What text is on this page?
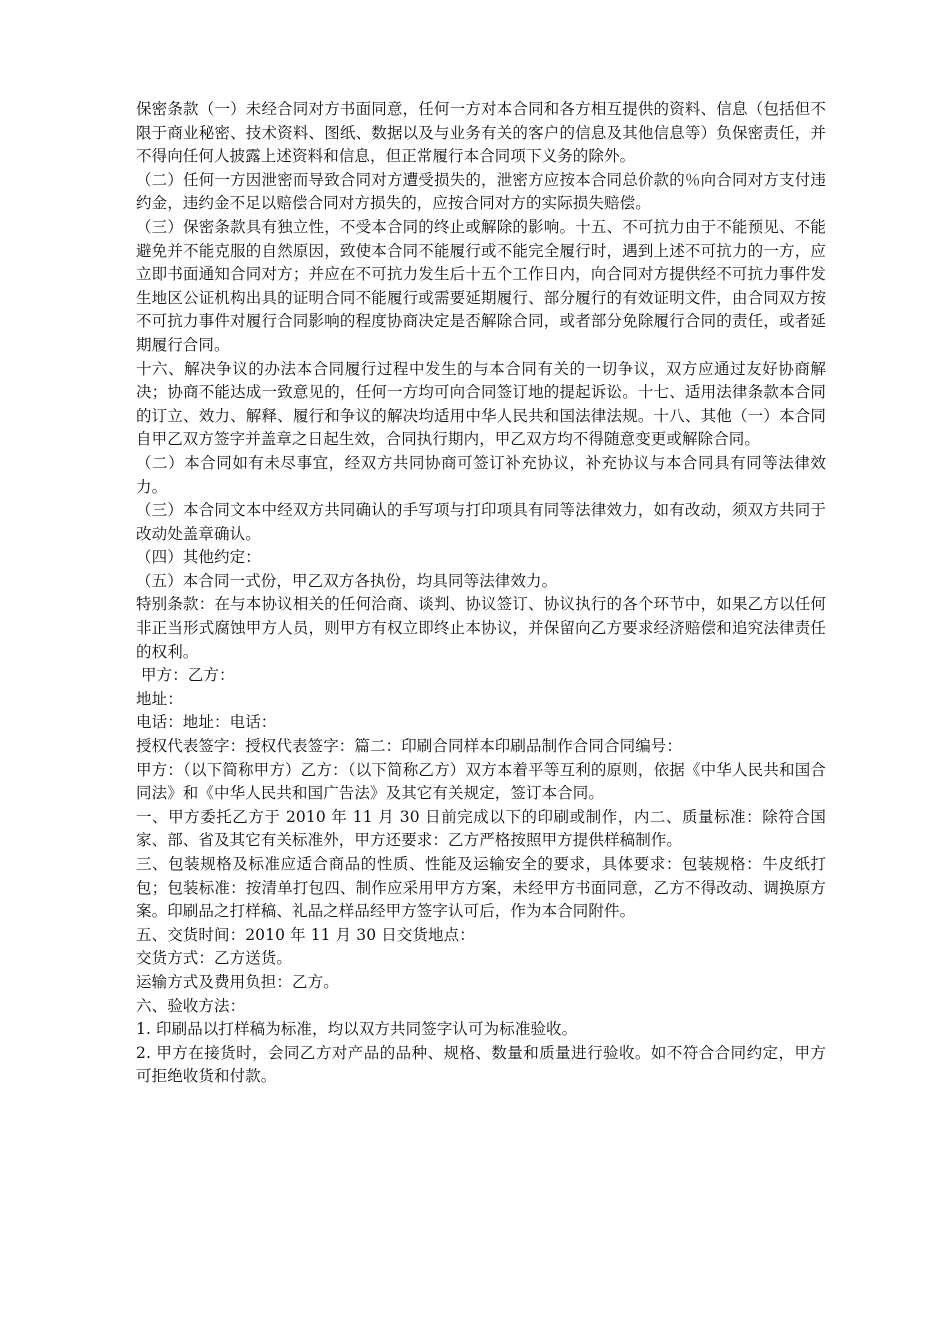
保密条款（一）未经合同对方书面同意，任何一方对本合同和各方相互提供的资料、信息（包括但不限于商业秘密、技术资料、图纸、数据以及与业务有关的客户的信息及其他信息等）负保密责任，并不得向任何人披露上述资料和信息，但正常履行本合同项下义务的除外。

（二）任何一方因泄密而导致合同对方遭受损失的，泄密方应按本合同总价款的％向合同对方支付违约金，违约金不足以赔偿合同对方损失的，应按合同对方的实际损失赔偿。

（三）保密条款具有独立性，不受本合同的终止或解除的影响。十五、不可抗力由于不能预见、不能避免并不能克服的自然原因，致使本合同不能履行或不能完全履行时，遇到上述不可抗力的一方，应立即书面通知合同对方；并应在不可抗力发生后十五个工作日内，向合同对方提供经不可抗力事件发生地区公证机构出具的证明合同不能履行或需要延期履行、部分履行的有效证明文件，由合同双方按不可抗力事件对履行合同影响的程度协商决定是否解除合同，或者部分免除履行合同的责任，或者延期履行合同。

十六、解决争议的办法本合同履行过程中发生的与本合同有关的一切争议，双方应通过友好协商解决；协商不能达成一致意见的，任何一方均可向合同签订地的提起诉讼。十七、适用法律条款本合同的订立、效力、解释、履行和争议的解决均适用中华人民共和国法律法规。十八、其他（一）本合同自甲乙双方签字并盖章之日起生效，合同执行期内，甲乙双方均不得随意变更或解除合同。

（二）本合同如有未尽事宜，经双方共同协商可签订补充协议，补充协议与本合同具有同等法律效力。

（三）本合同文本中经双方共同确认的手写项与打印项具有同等法律效力，如有改动，须双方共同于改动处盖章确认。

（四）其他约定：

（五）本合同一式份，甲乙双方各执份，均具同等法律效力。

特别条款：在与本协议相关的任何洽商、谈判、协议签订、协议执行的各个环节中，如果乙方以任何非正当形式腐蚀甲方人员，则甲方有权立即终止本协议，并保留向乙方要求经济赔偿和追究法律责任的权利。

甲方：乙方：

地址：

电话：地址：电话：

授权代表签字：授权代表签字：篇二：印刷合同样本印刷品制作合同合同编号：

甲方：（以下简称甲方）乙方：（以下简称乙方）双方本着平等互利的原则，依据《中华人民共和国合同法》和《中华人民共和国广告法》及其它有关规定，签订本合同。

一、甲方委托乙方于 2010 年 11 月 30 日前完成以下的印刷或制作，内二、质量标准：除符合国家、部、省及其它有关标准外，甲方还要求：乙方严格按照甲方提供样稿制作。

三、包装规格及标准应适合商品的性质、性能及运输安全的要求，具体要求：包装规格：牛皮纸打包；包装标准：按清单打包四、制作应采用甲方方案，未经甲方书面同意，乙方不得改动、调换原方案。印刷品之打样稿、礼品之样品经甲方签字认可后，作为本合同附件。

五、交货时间：2010 年 11 月 30 日交货地点：

交货方式：乙方送货。

运输方式及费用负担：乙方。

六、验收方法：

1. 印刷品以打样稿为标准，均以双方共同签字认可为标准验收。

2. 甲方在接货时，会同乙方对产品的品种、规格、数量和质量进行验收。如不符合合同约定，甲方可拒绝收货和付款。
